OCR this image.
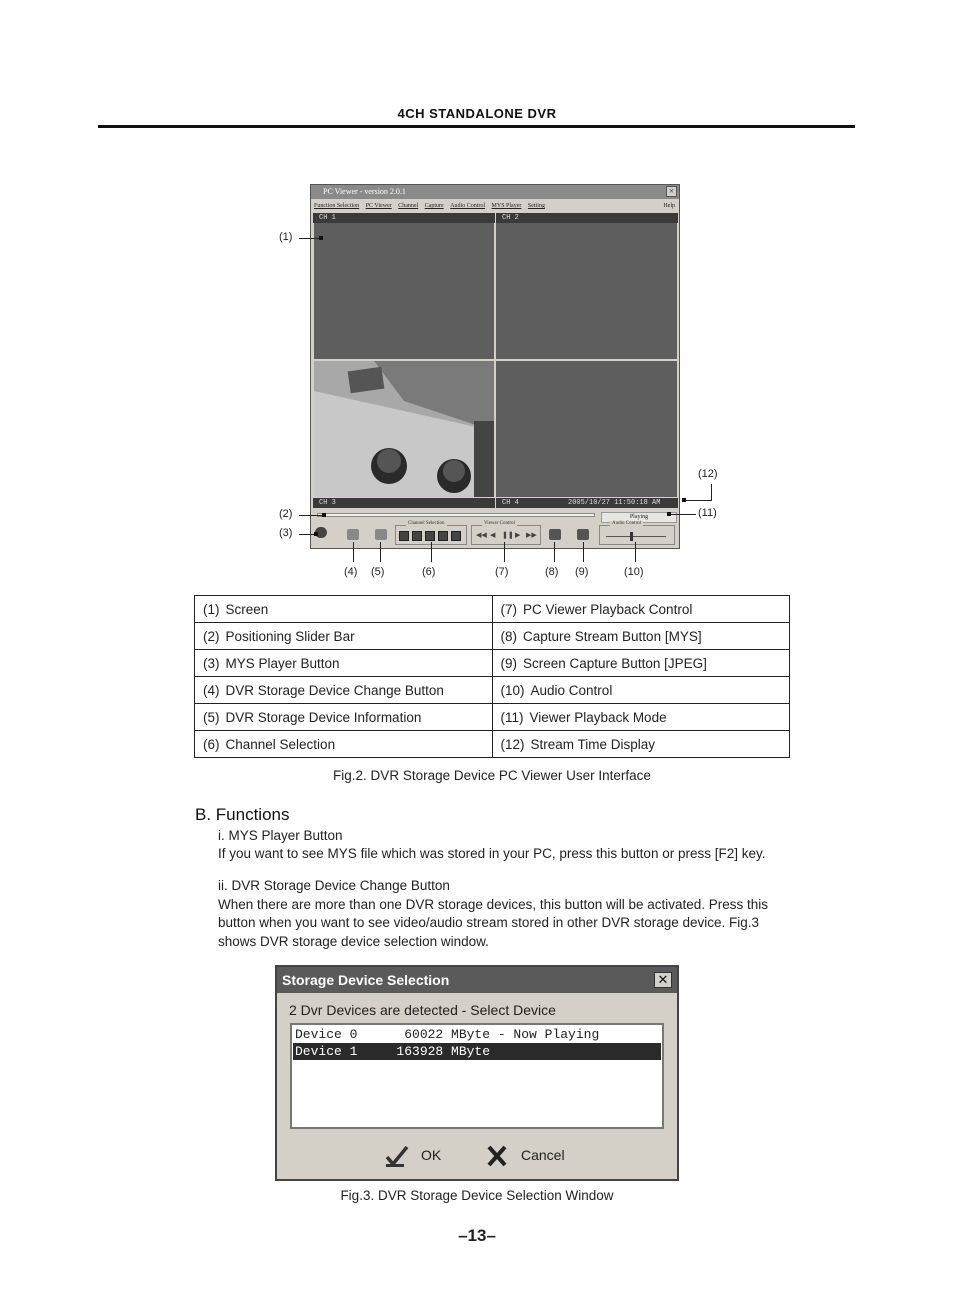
4CH STANDALONE DVR
PC Viewer - version 2.0.1	×
Function Selection PC Viewer Channel Capture Audio Control MYS Player Setting	Help
CH 1	CH 2
CH 3	CH 4	2005/10/27 11:50:18 AM
Playing
Channel Selection	Viewer Control
◀◀ ◀ ❚❚ ▶ ▶▶
Audio Control
(1)
(2)
(3)
(12)
(11)
(4) (5)	(6)	(7)	(8) (9)	(10)
(1) Screen	(7) PC Viewer Playback Control
(2) Positioning Slider Bar	(8) Capture Stream Button [MYS]
(3) MYS Player Button	(9) Screen Capture Button [JPEG]
(4) DVR Storage Device Change Button	(10) Audio Control
(5) DVR Storage Device Information	(11) Viewer Playback Mode
(6) Channel Selection	(12) Stream Time Display
Fig.2. DVR Storage Device PC Viewer User Interface
B. Functions
i. MYS Player Button
If you want to see MYS file which was stored in your PC, press this button or press [F2] key.
ii. DVR Storage Device Change Button
When there are more than one DVR storage devices, this button will be activated. Press this
button when you want to see video/audio stream stored in other DVR storage device. Fig.3
shows DVR storage device selection window.
Storage Device Selection	✕
2 Dvr Devices are detected - Select Device
Device 0      60022 MByte - Now Playing
Device 1     163928 MByte
OK	Cancel
Fig.3. DVR Storage Device Selection Window
–13–
